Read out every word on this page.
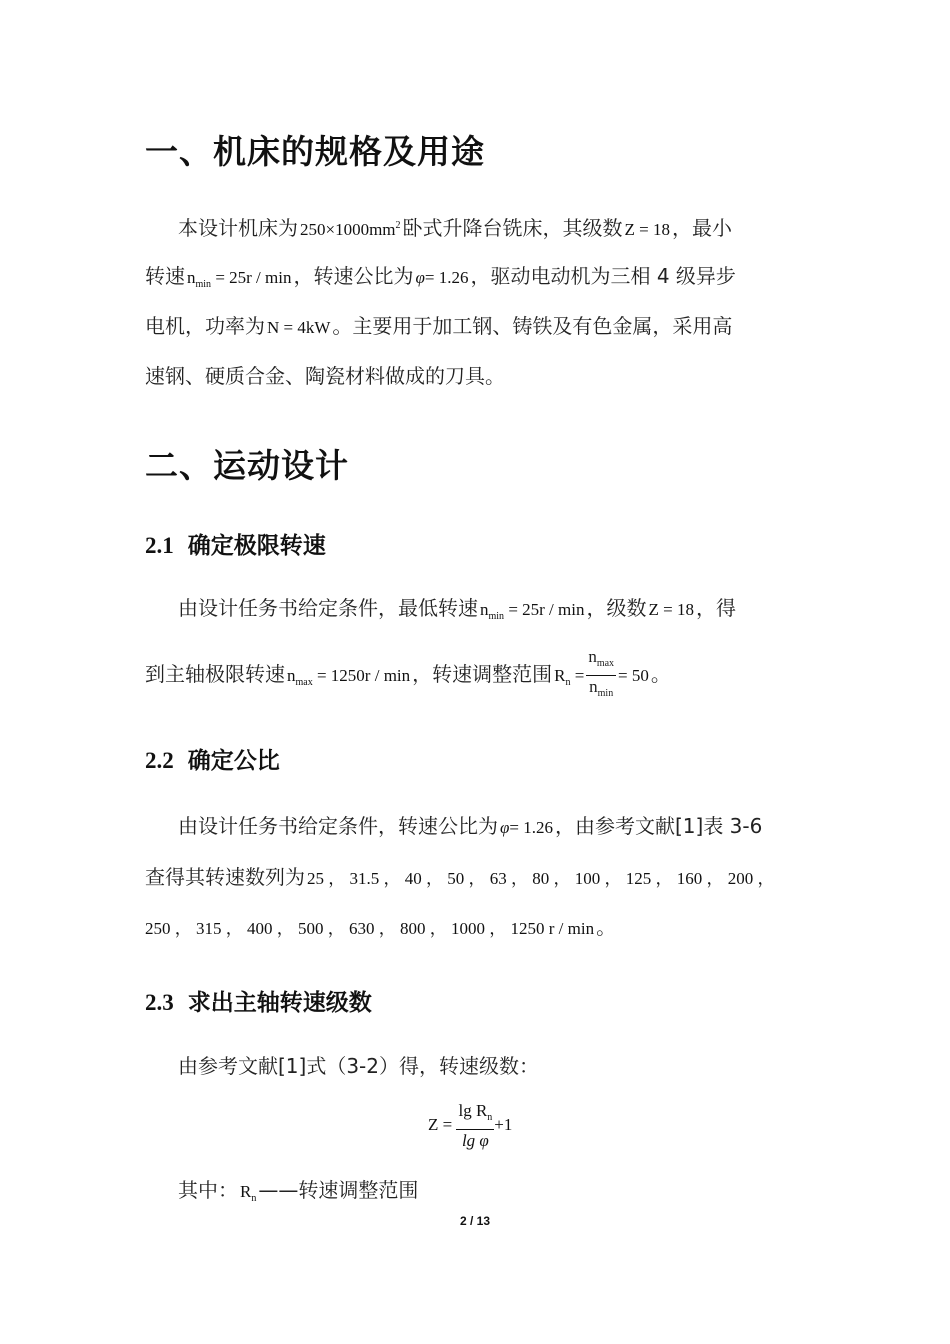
一、机床的规格及用途
本设计机床为 $250\times 1000mm^2$ 卧式升降台铣床，其级数 Z = 18 ，最小
转速 $n_{min} = 25r / \min$ ，转速公比为 φ= 1.26 ，驱动电动机为三相 4 级异步
电机，功率为 N = 4kW 。主要用于加工钢、铸铁及有色金属，采用高
速钢、硬质合金、陶瓷材料做成的刀具。
二、运动设计
2.1 确定极限转速
由设计任务书给定条件，最低转速 $n_{min} = 25r / \min$ ，级数 Z = 18 ，得
到主轴极限转速 $n_{max} = 1250r / \min$ ，转速调整范围 $R_n = \frac{n_{max}}{n_{min}} = 50$ 。
2.2 确定公比
由设计任务书给定条件，转速公比为 φ= 1.26 ，由参考文献[1]表 3-6
查得其转速数列为 25 ， 31.5 ， 40 ， 50 ， 63 ， 80 ， 100 ， 125 ， 160 ， 200 ，
250 ， 315 ， 400 ， 500 ， 630 ， 800 ， 1000 ， 1250 r / min 。
2.3 求出主轴转速级数
由参考文献[1]式（3-2）得，转速级数：
$Z = \frac{\lg R_n}{\text{lg φ}} +1$
其中： $R_n$ ——转速调整范围
2 / 13
